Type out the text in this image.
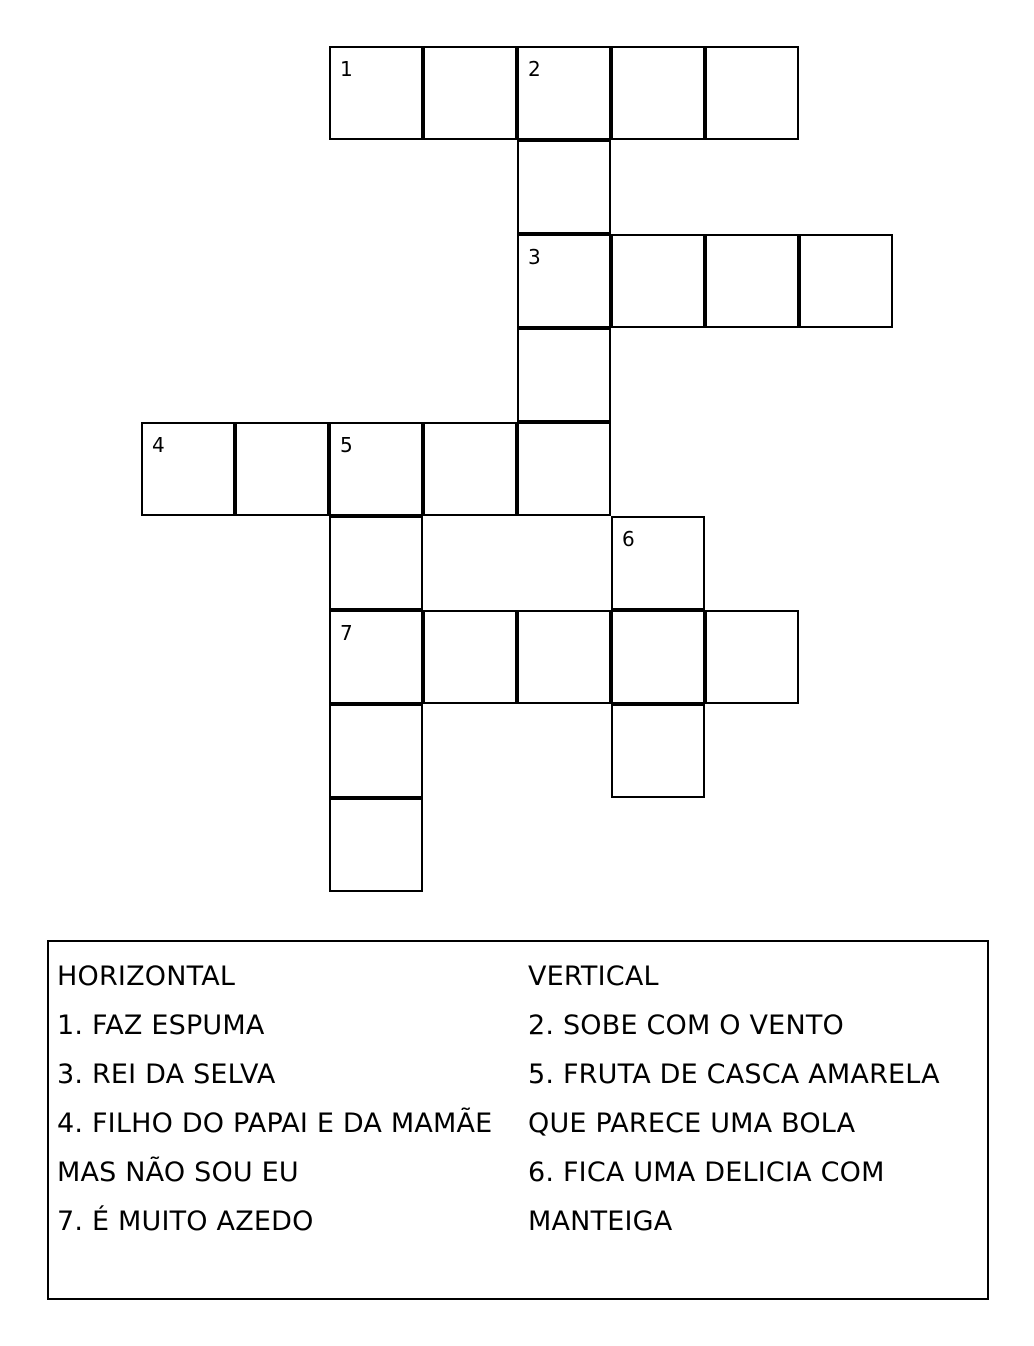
1	2
3
4	5
6
7
HORIZONTAL
1. FAZ ESPUMA
3. REI DA SELVA
4. FILHO DO PAPAI E DA MAMÃE
MAS NÃO SOU EU
7. É MUITO AZEDO
VERTICAL
2. SOBE COM O VENTO
5. FRUTA DE CASCA AMARELA
QUE PARECE UMA BOLA
6. FICA UMA DELICIA COM
MANTEIGA
